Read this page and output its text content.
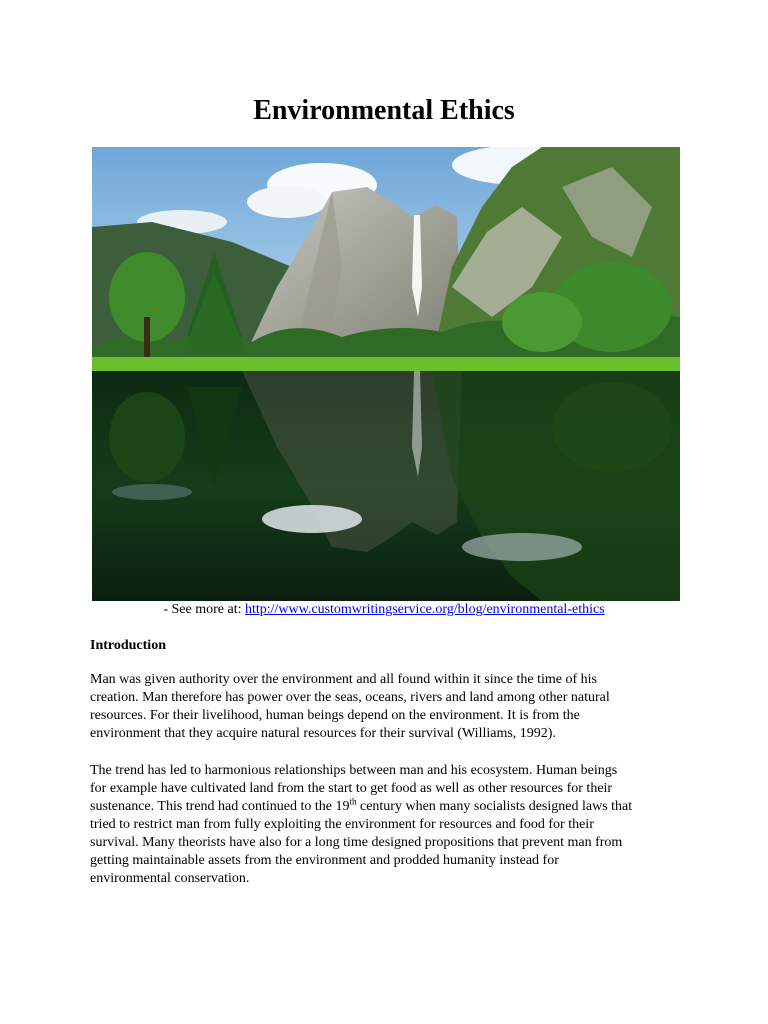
Environmental Ethics
- See more at: http://www.customwritingservice.org/blog/environmental-ethics
Introduction

Man was given authority over the environment and all found within it since the time of his
creation. Man therefore has power over the seas, oceans, rivers and land among other natural
resources. For their livelihood, human beings depend on the environment. It is from the
environment that they acquire natural resources for their survival (Williams, 1992).

The trend has led to harmonious relationships between man and his ecosystem. Human beings
for example have cultivated land from the start to get food as well as other resources for their
sustenance. This trend had continued to the 19th century when many socialists designed laws that
tried to restrict man from fully exploiting the environment for resources and food for their
survival. Many theorists have also for a long time designed propositions that prevent man from
getting maintainable assets from the environment and prodded humanity instead for
environmental conservation.
